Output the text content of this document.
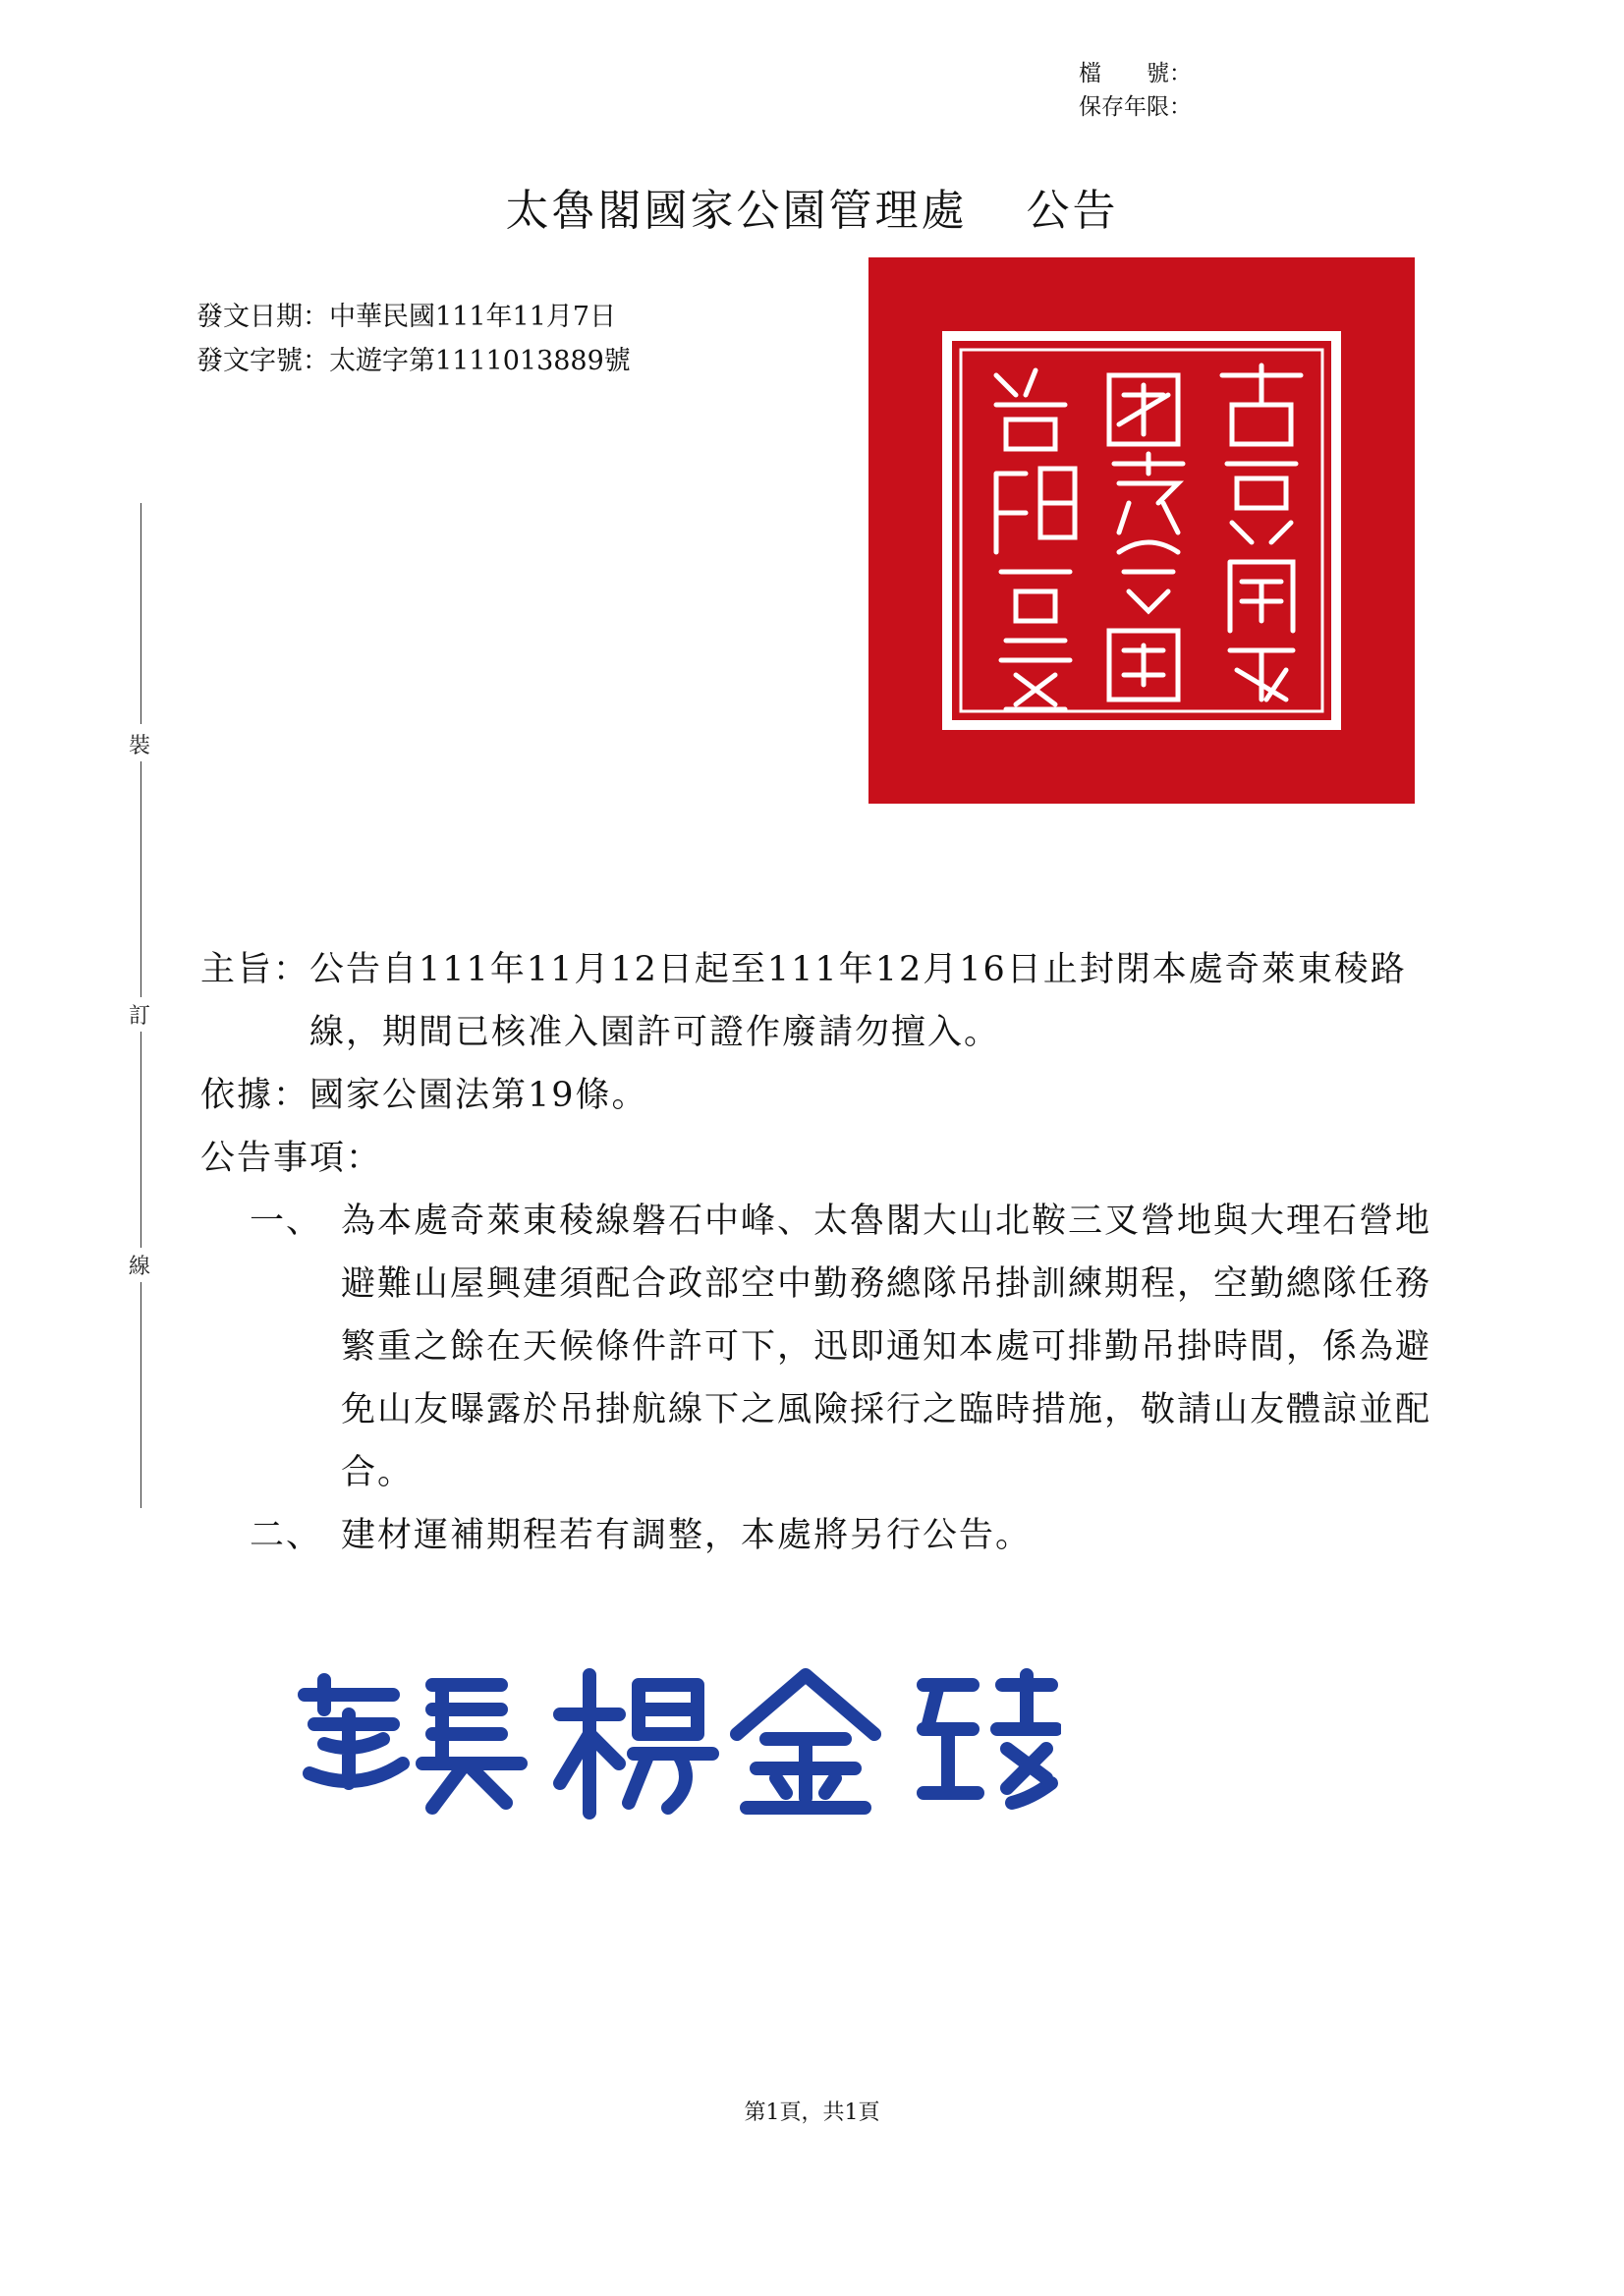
檔　　號：
保存年限：
太魯閣國家公園管理處 公告
發文日期：中華民國111年11月7日
發文字號：太遊字第1111013889號
裝
訂
線
主旨： 公告自111年11月12日起至111年12月16日止封閉本處奇萊東稜路線，期間已核准入園許可證作廢請勿擅入。
依據： 國家公園法第19條。
公告事項：
一、 為本處奇萊東稜線磐石中峰、太魯閣大山北鞍三叉營地與大理石營地避難山屋興建須配合政部空中勤務總隊吊掛訓練期程，空勤總隊任務繁重之餘在天候條件許可下，迅即通知本處可排勤吊掛時間，係為避免山友曝露於吊掛航線下之風險採行之臨時措施，敬請山友體諒並配合。
二、 建材運補期程若有調整，本處將另行公告。
第1頁，共1頁
